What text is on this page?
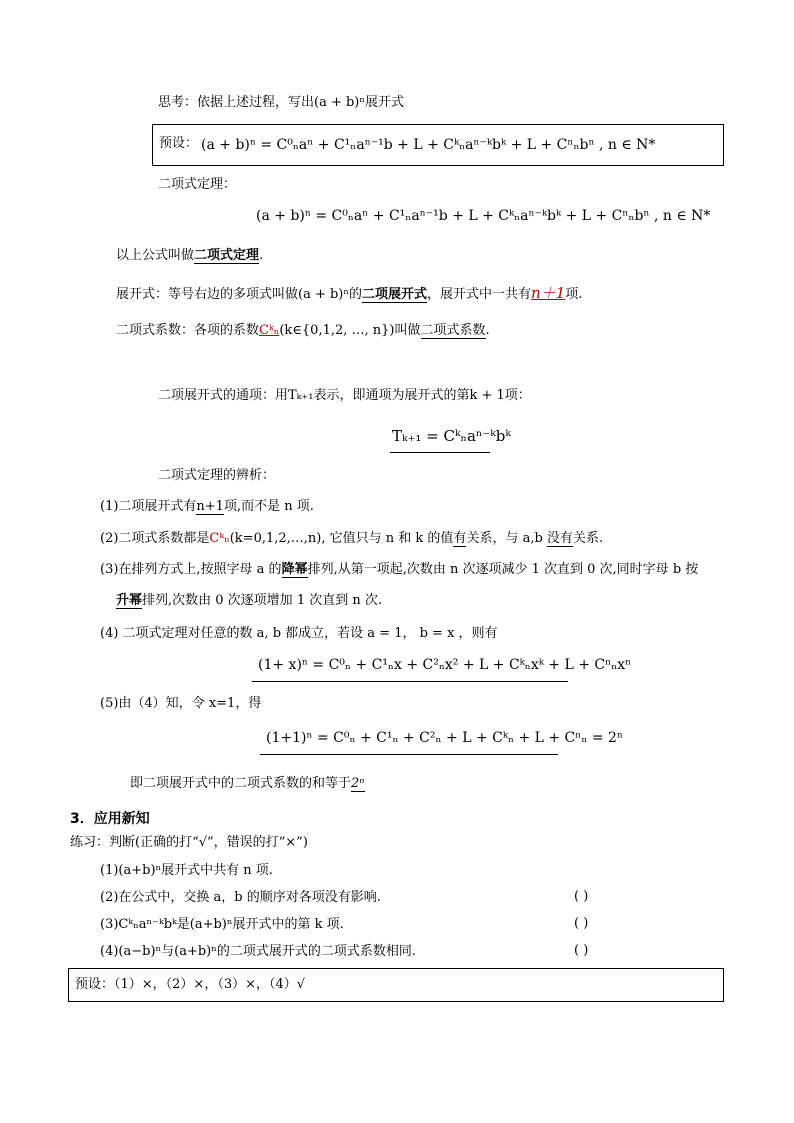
思考：依据上述过程，写出(a + b)ⁿ展开式
预设： (a + b)ⁿ = C⁰ₙaⁿ + C¹ₙaⁿ⁻¹b + L + Cᵏₙaⁿ⁻ᵏbᵏ + L + Cⁿₙbⁿ , n ∈ N*
二项式定理：
(a + b)ⁿ = C⁰ₙaⁿ + C¹ₙaⁿ⁻¹b + L + Cᵏₙaⁿ⁻ᵏbᵏ + L + Cⁿₙbⁿ , n ∈ N*
以上公式叫做二项式定理.
展开式：等号右边的多项式叫做(a + b)ⁿ的二项展开式，展开式中一共有n＋1项.
二项式系数：各项的系数Cᵏₙ(k∈{0,1,2, …, n})叫做二项式系数.
二项展开式的通项：用Tₖ₊₁表示，即通项为展开式的第k + 1项：
Tₖ₊₁ = Cᵏₙaⁿ⁻ᵏbᵏ
二项式定理的辨析：
(1)二项展开式有n+1项,而不是 n 项.
(2)二项式系数都是Cᵏₙ(k=0,1,2,…,n), 它值只与 n 和 k 的值有关系，与 a,b 没有关系.
(3)在排列方式上,按照字母 a 的降幂排列,从第一项起,次数由 n 次逐项减少 1 次直到 0 次,同时字母 b 按
升幂排列,次数由 0 次逐项增加 1 次直到 n 次.
(4) 二项式定理对任意的数 a, b 都成立，若设 a = 1， b = x ，则有
(1+ x)ⁿ = C⁰ₙ + C¹ₙx + C²ₙx² + L + Cᵏₙxᵏ + L + Cⁿₙxⁿ
(5)由（4）知，令 x=1，得
(1+1)ⁿ = C⁰ₙ + C¹ₙ + C²ₙ + L + Cᵏₙ + L + Cⁿₙ = 2ⁿ
即二项展开式中的二项式系数的和等于2ⁿ
3．应用新知
练习：判断(正确的打“√”，错误的打“×”)
(1)(a+b)ⁿ展开式中共有 n 项.
(2)在公式中，交换 a，b 的顺序对各项没有影响.	( )
(3)Cᵏₙaⁿ⁻ᵏbᵏ是(a+b)ⁿ展开式中的第 k 项.	( )
(4)(a−b)ⁿ与(a+b)ⁿ的二项式展开式的二项式系数相同.	( )
预设：（1）×，（2）×，（3）×，（4）√
